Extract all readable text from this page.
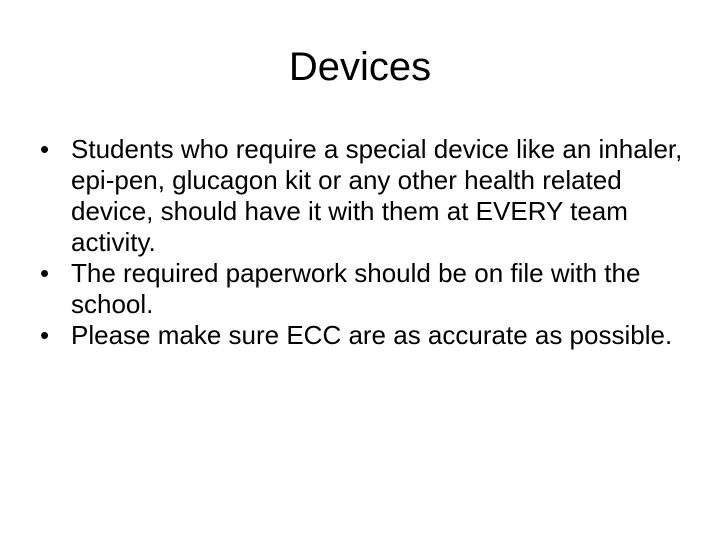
Devices
• Students who require a special device like an inhaler, epi-pen, glucagon kit or any other health related device, should have it with them at EVERY team activity.
• The required paperwork should be on file with the school.
• Please make sure ECC are as accurate as possible.
